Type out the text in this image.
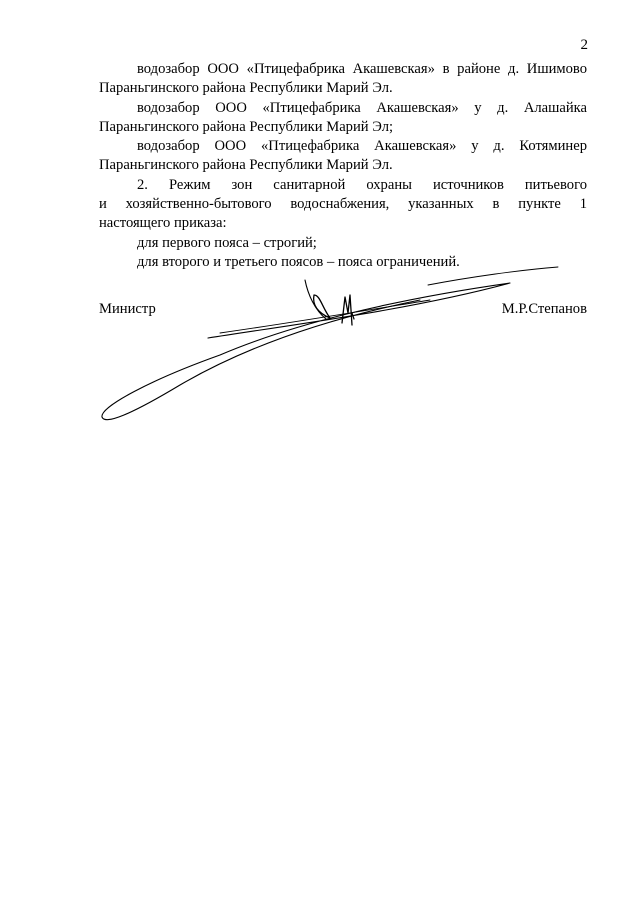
2

водозабор ООО «Птицефабрика Акашевская» в районе д. Ишимово

Параньгинского района Республики Марий Эл.

водозабор ООО «Птицефабрика Акашевская» у д. Алашайка

Параньгинского района Республики Марий Эл;

водозабор ООО «Птицефабрика Акашевская» у д. Котяминер

Параньгинского района Республики Марий Эл.

2. Режим зон санитарной охраны источников питьевого

и хозяйственно-бытового водоснабжения, указанных в пункте 1

настоящего приказа:

для первого пояса – строгий;

для второго и третьего поясов – пояса ограничений.

Министр	М.Р.Степанов
